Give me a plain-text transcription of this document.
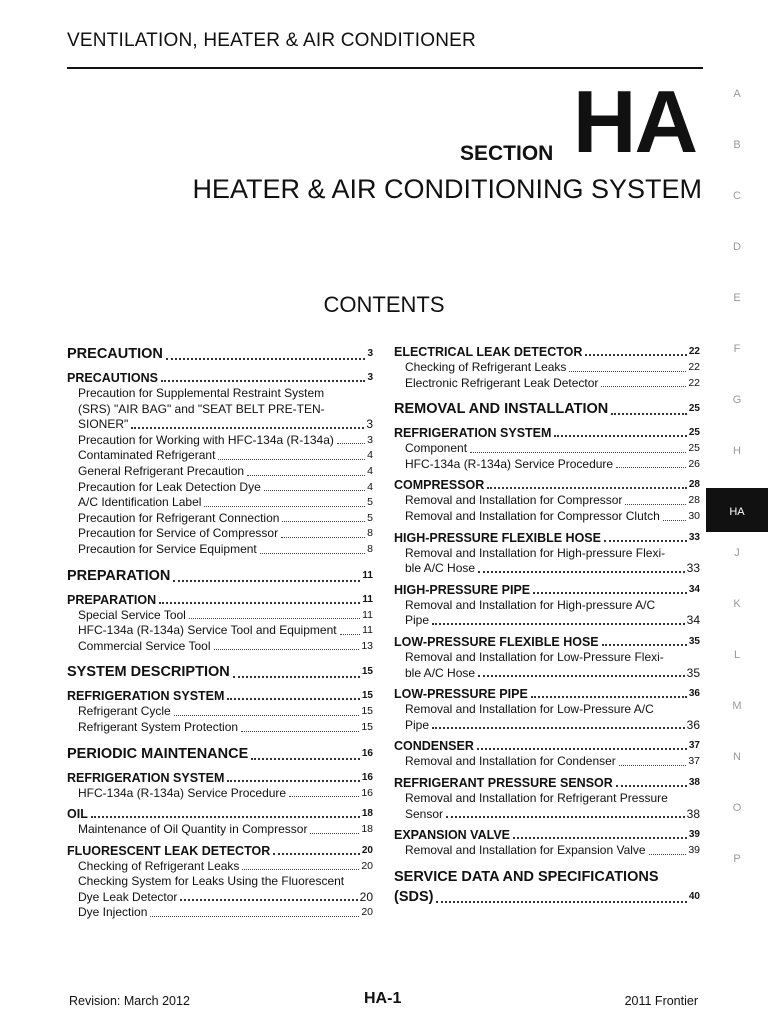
VENTILATION, HEATER & AIR CONDITIONER
SECTION HA
HEATER & AIR CONDITIONING SYSTEM
CONTENTS
PRECAUTION	3
PRECAUTIONS	3
Precaution for Supplemental Restraint System
(SRS) "AIR BAG" and "SEAT BELT PRE-TEN-
SIONER"	3
Precaution for Working with HFC-134a (R-134a)	3
Contaminated Refrigerant	4
General Refrigerant Precaution	4
Precaution for Leak Detection Dye	4
A/C Identification Label	5
Precaution for Refrigerant Connection	5
Precaution for Service of Compressor	8
Precaution for Service Equipment	8
PREPARATION	11
PREPARATION	11
Special Service Tool	11
HFC-134a (R-134a) Service Tool and Equipment 11
Commercial Service Tool	13
SYSTEM DESCRIPTION	15
REFRIGERATION SYSTEM	15
Refrigerant Cycle	15
Refrigerant System Protection	15
PERIODIC MAINTENANCE	16
REFRIGERATION SYSTEM	16
HFC-134a (R-134a) Service Procedure	16
OIL	18
Maintenance of Oil Quantity in Compressor	18
FLUORESCENT LEAK DETECTOR	20
Checking of Refrigerant Leaks	20
Checking System for Leaks Using the Fluorescent
Dye Leak Detector	20
Dye Injection	20
ELECTRICAL LEAK DETECTOR	22
Checking of Refrigerant Leaks	22
Electronic Refrigerant Leak Detector	22
REMOVAL AND INSTALLATION	25
REFRIGERATION SYSTEM	25
Component	25
HFC-134a (R-134a) Service Procedure	26
COMPRESSOR	28
Removal and Installation for Compressor	28
Removal and Installation for Compressor Clutch	30
HIGH-PRESSURE FLEXIBLE HOSE	33
Removal and Installation for High-pressure Flexi-
ble A/C Hose	33
HIGH-PRESSURE PIPE	34
Removal and Installation for High-pressure A/C
Pipe	34
LOW-PRESSURE FLEXIBLE HOSE	35
Removal and Installation for Low-Pressure Flexi-
ble A/C Hose	35
LOW-PRESSURE PIPE	36
Removal and Installation for Low-Pressure A/C
Pipe	36
CONDENSER	37
Removal and Installation for Condenser	37
REFRIGERANT PRESSURE SENSOR	38
Removal and Installation for Refrigerant Pressure
Sensor	38
EXPANSION VALVE	39
Removal and Installation for Expansion Valve	39
SERVICE DATA AND SPECIFICATIONS
(SDS)	40
A
B
C
D
E
F
G
H
HA
J
K
L
M
N
O
P
Revision: March 2012	HA-1	2011 Frontier
